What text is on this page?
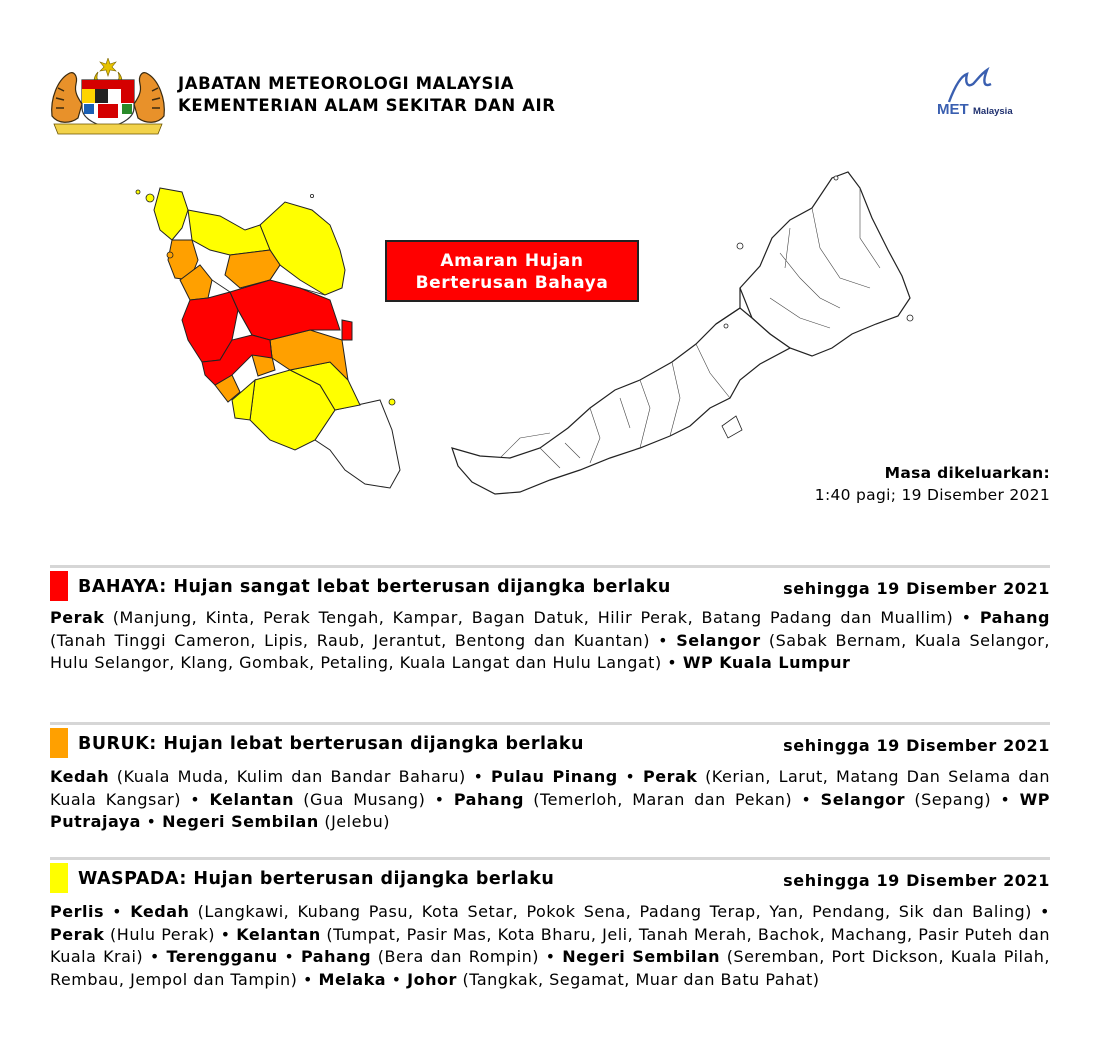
JABATAN METEOROLOGI MALAYSIA
KEMENTERIAN ALAM SEKITAR DAN AIR	MET Malaysia
Amaran Hujan
Berterusan Bahaya
Masa dikeluarkan:
1:40 pagi; 19 Disember 2021
BAHAYA: Hujan sangat lebat berterusan dijangka berlaku	sehingga 19 Disember 2021
Perak (Manjung, Kinta, Perak Tengah, Kampar, Bagan Datuk, Hilir Perak, Batang Padang dan Muallim) • Pahang (Tanah Tinggi Cameron, Lipis, Raub, Jerantut, Bentong dan Kuantan) • Selangor (Sabak Bernam, Kuala Selangor, Hulu Selangor, Klang, Gombak, Petaling, Kuala Langat dan Hulu Langat) • WP Kuala Lumpur
BURUK: Hujan lebat berterusan dijangka berlaku	sehingga 19 Disember 2021
Kedah (Kuala Muda, Kulim dan Bandar Baharu) • Pulau Pinang • Perak (Kerian, Larut, Matang Dan Selama dan Kuala Kangsar) • Kelantan (Gua Musang) • Pahang (Temerloh, Maran dan Pekan) • Selangor (Sepang) • WP Putrajaya • Negeri Sembilan (Jelebu)
WASPADA: Hujan berterusan dijangka berlaku	sehingga 19 Disember 2021
Perlis • Kedah (Langkawi, Kubang Pasu, Kota Setar, Pokok Sena, Padang Terap, Yan, Pendang, Sik dan Baling) • Perak (Hulu Perak) • Kelantan (Tumpat, Pasir Mas, Kota Bharu, Jeli, Tanah Merah, Bachok, Machang, Pasir Puteh dan Kuala Krai) • Terengganu • Pahang (Bera dan Rompin) • Negeri Sembilan (Seremban, Port Dickson, Kuala Pilah, Rembau, Jempol dan Tampin) • Melaka • Johor (Tangkak, Segamat, Muar dan Batu Pahat)
